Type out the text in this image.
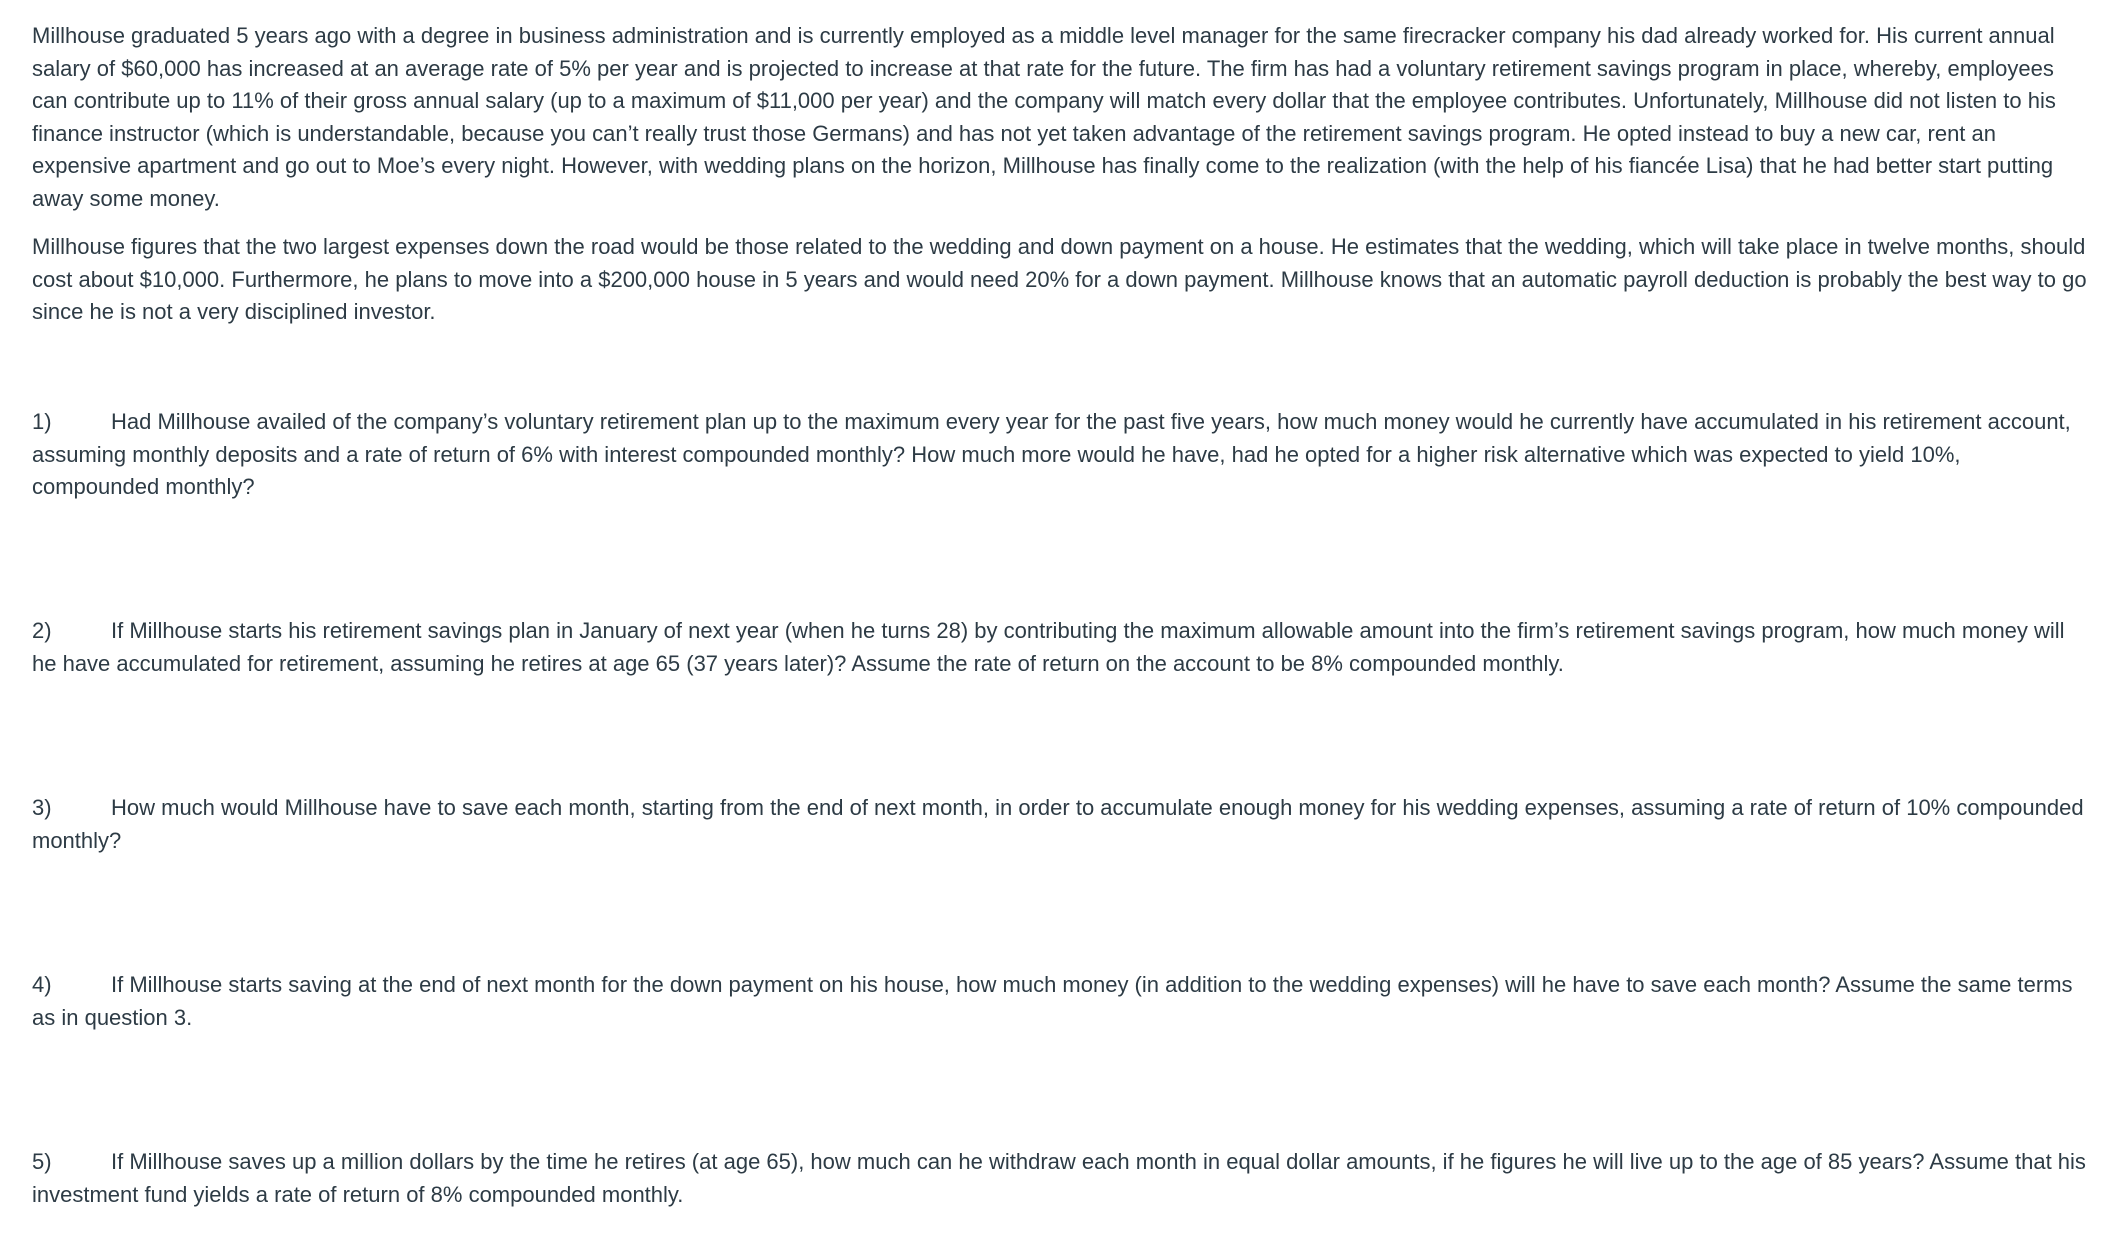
Millhouse graduated 5 years ago with a degree in business administration and is currently employed as a middle level manager for the same firecracker company his dad already worked for. His current annual salary of $60,000 has increased at an average rate of 5% per year and is projected to increase at that rate for the future. The firm has had a voluntary retirement savings program in place, whereby, employees can contribute up to 11% of their gross annual salary (up to a maximum of $11,000 per year) and the company will match every dollar that the employee contributes. Unfortunately, Millhouse did not listen to his finance instructor (which is understandable, because you can’t really trust those Germans) and has not yet taken advantage of the retirement savings program. He opted instead to buy a new car, rent an expensive apartment and go out to Moe’s every night. However, with wedding plans on the horizon, Millhouse has finally come to the realization (with the help of his fiancée Lisa) that he had better start putting away some money.

Millhouse figures that the two largest expenses down the road would be those related to the wedding and down payment on a house. He estimates that the wedding, which will take place in twelve months, should cost about $10,000. Furthermore, he plans to move into a $200,000 house in 5 years and would need 20% for a down payment. Millhouse knows that an automatic payroll deduction is probably the best way to go since he is not a very disciplined investor.

1)	Had Millhouse availed of the company’s voluntary retirement plan up to the maximum every year for the past five years, how much money would he currently have accumulated in his retirement account, assuming monthly deposits and a rate of return of 6% with interest compounded monthly? How much more would he have, had he opted for a higher risk alternative which was expected to yield 10%, compounded monthly?

2)	If Millhouse starts his retirement savings plan in January of next year (when he turns 28) by contributing the maximum allowable amount into the firm’s retirement savings program, how much money will he have accumulated for retirement, assuming he retires at age 65 (37 years later)? Assume the rate of return on the account to be 8% compounded monthly.

3)	How much would Millhouse have to save each month, starting from the end of next month, in order to accumulate enough money for his wedding expenses, assuming a rate of return of 10% compounded monthly?

4)	If Millhouse starts saving at the end of next month for the down payment on his house, how much money (in addition to the wedding expenses) will he have to save each month? Assume the same terms as in question 3.

5)	If Millhouse saves up a million dollars by the time he retires (at age 65), how much can he withdraw each month in equal dollar amounts, if he figures he will live up to the age of 85 years? Assume that his investment fund yields a rate of return of 8% compounded monthly.
